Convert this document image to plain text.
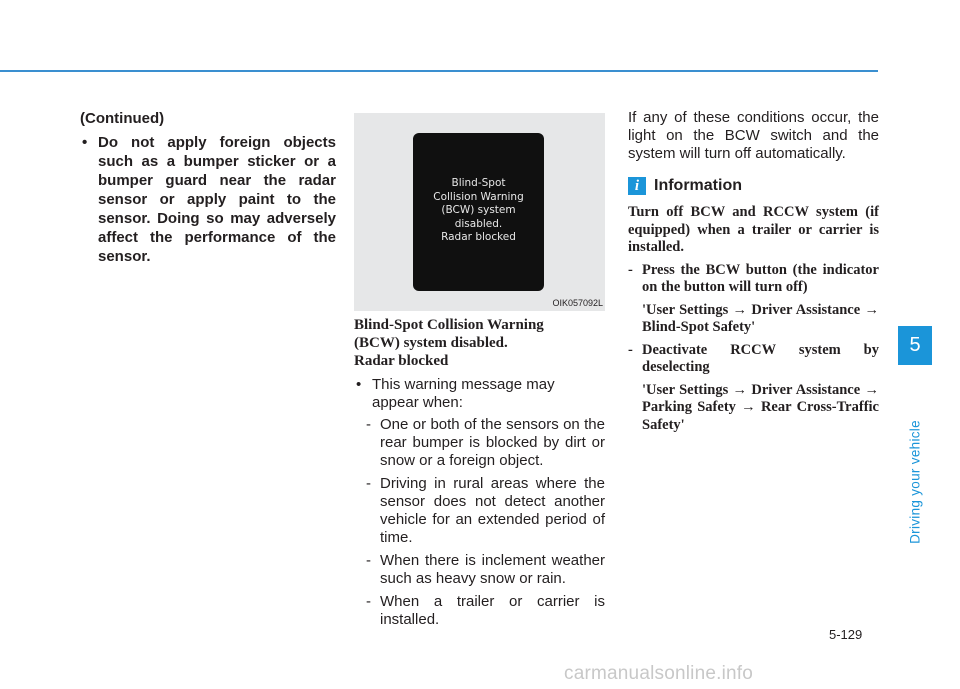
(Continued)

• Do not apply foreign objects such as a bumper sticker or a bumper guard near the radar sensor or apply paint to the sensor. Doing so may adversely affect the performance of the sensor.

Blind-Spot
Collision Warning
(BCW) system
disabled.
Radar blocked
OIK057092L
Blind-Spot Collision Warning
(BCW) system disabled.
Radar blocked

• This warning message may appear when:

- One or both of the sensors on the rear bumper is blocked by dirt or snow or a foreign object.

- Driving in rural areas where the sensor does not detect another vehicle for an extended period of time.

- When there is inclement weather such as heavy snow or rain.

- When a trailer or carrier is installed.

If any of these conditions occur, the light on the BCW switch and the system will turn off automatically.

i Information

Turn off BCW and RCCW system (if equipped) when a trailer or carrier is installed.

- Press the BCW button (the indicator on the button will turn off)

'User Settings → Driver Assistance → Blind-Spot Safety'

- Deactivate RCCW system by deselecting

'User Settings → Driver Assistance → Parking Safety → Rear Cross-Traffic Safety'

5
Driving your vehicle
5-129
carmanualsonline.info
